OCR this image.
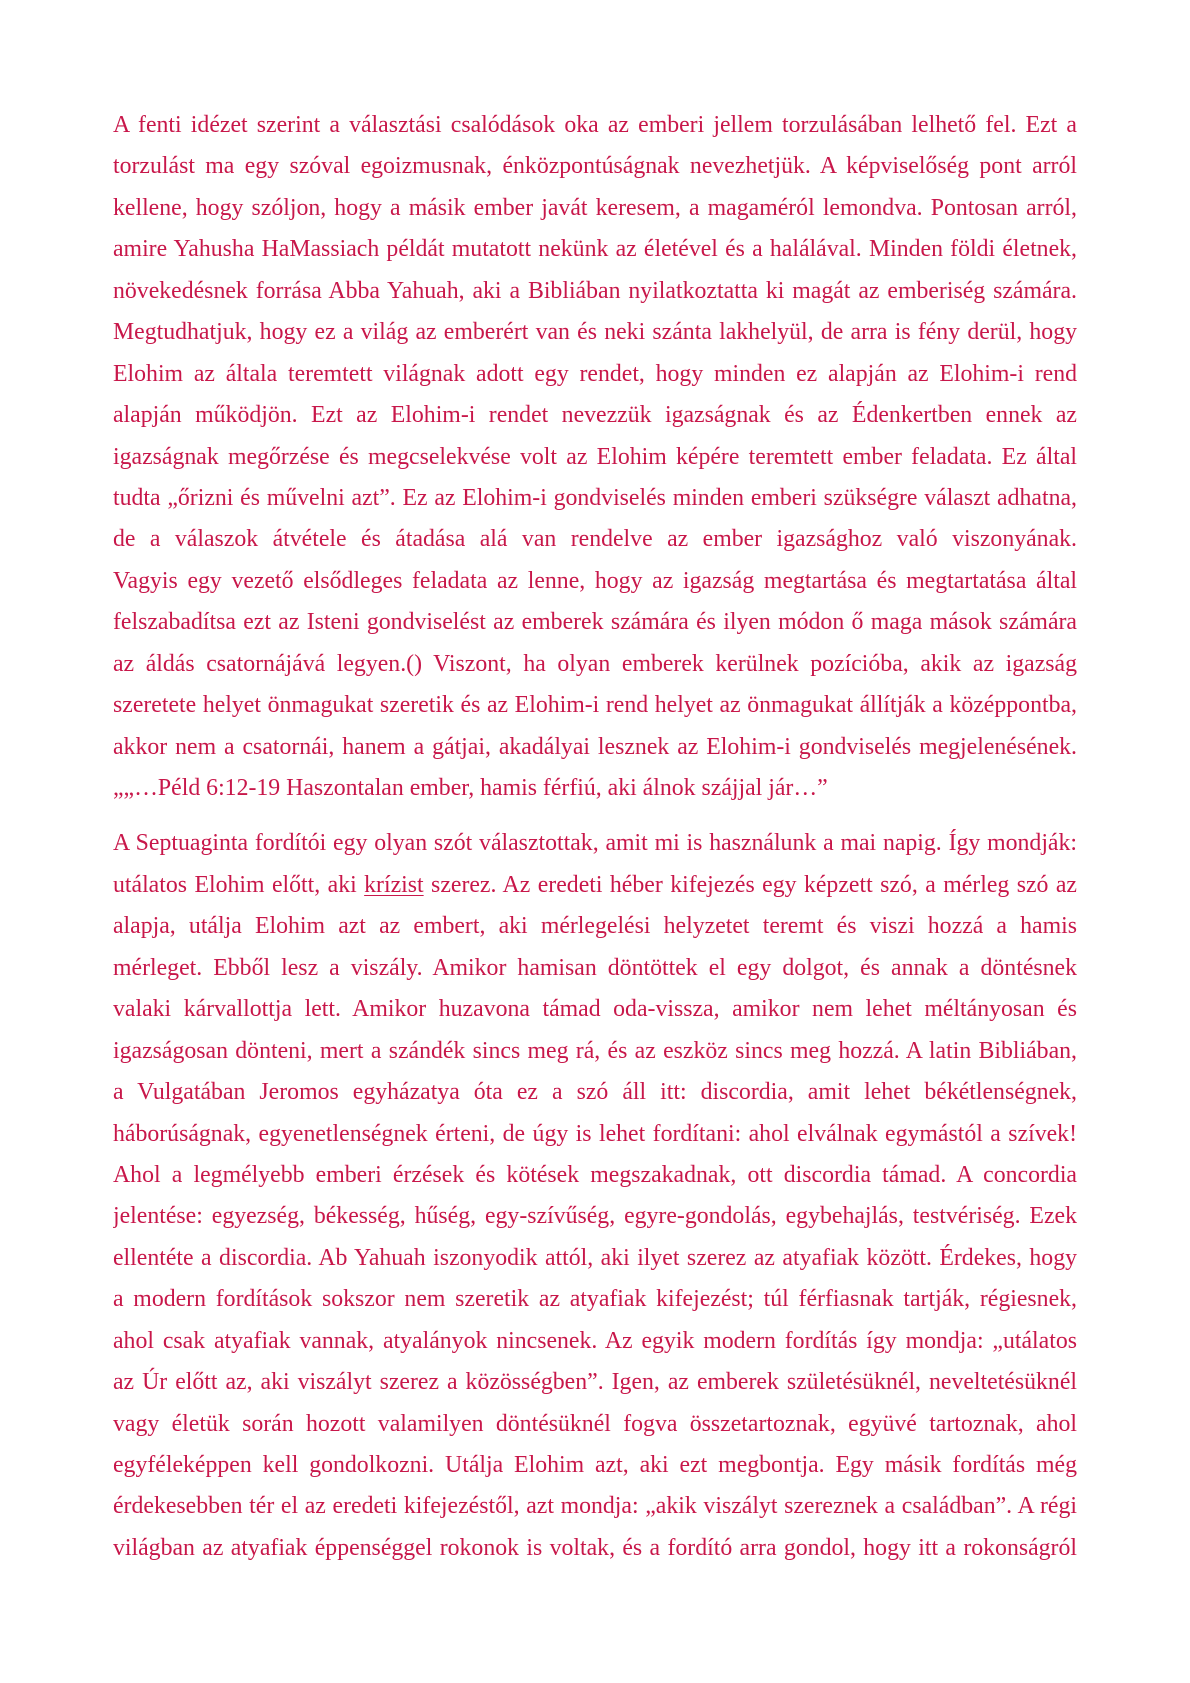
A fenti idézet szerint a választási csalódások oka az emberi jellem torzulásában lelhető fel. Ezt a
torzulást ma egy szóval egoizmusnak, énközpontúságnak nevezhetjük. A képviselőség pont arról
kellene, hogy szóljon, hogy a másik ember javát keresem, a magaméról lemondva. Pontosan arról,
amire Yahusha HaMassiach példát mutatott nekünk az életével és a halálával. Minden földi életnek,
növekedésnek forrása Abba Yahuah, aki a Bibliában nyilatkoztatta ki magát az emberiség számára.
Megtudhatjuk, hogy ez a világ az emberért van és neki szánta lakhelyül, de arra is fény derül, hogy
Elohim az általa teremtett világnak adott egy rendet, hogy minden ez alapján az Elohim-i rend
alapján működjön. Ezt az Elohim-i rendet nevezzük igazságnak és az Édenkertben ennek az
igazságnak megőrzése és megcselekvése volt az Elohim képére teremtett ember feladata. Ez által
tudta „őrizni és művelni azt”. Ez az Elohim-i gondviselés minden emberi szükségre választ adhatna,
de a válaszok átvétele és átadása alá van rendelve az ember igazsághoz való viszonyának.
Vagyis egy vezető elsődleges feladata az lenne, hogy az igazság megtartása és megtartatása által
felszabadítsa ezt az Isteni gondviselést az emberek számára és ilyen módon ő maga mások számára
az áldás csatornájává legyen.() Viszont, ha olyan emberek kerülnek pozícióba, akik az igazság
szeretete helyet önmagukat szeretik és az Elohim-i rend helyet az önmagukat állítják a középpontba,
akkor nem a csatornái, hanem a gátjai, akadályai lesznek az Elohim-i gondviselés megjelenésének.
„„…Péld 6:12-19 Haszontalan ember, hamis férfiú, aki álnok szájjal jár…”
A Septuaginta fordítói egy olyan szót választottak, amit mi is használunk a mai napig. Így mondják:
utálatos Elohim előtt, aki krízist szerez. Az eredeti héber kifejezés egy képzett szó, a mérleg szó az
alapja, utálja Elohim azt az embert, aki mérlegelési helyzetet teremt és viszi hozzá a hamis
mérleget. Ebből lesz a viszály. Amikor hamisan döntöttek el egy dolgot, és annak a döntésnek
valaki kárvallottja lett. Amikor huzavona támad oda-vissza, amikor nem lehet méltányosan és
igazságosan dönteni, mert a szándék sincs meg rá, és az eszköz sincs meg hozzá. A latin Bibliában,
a Vulgatában Jeromos egyházatya óta ez a szó áll itt: discordia, amit lehet békétlenségnek,
háborúságnak, egyenetlenségnek érteni, de úgy is lehet fordítani: ahol elválnak egymástól a szívek!
Ahol a legmélyebb emberi érzések és kötések megszakadnak, ott discordia támad. A concordia
jelentése: egyezség, békesség, hűség, egy-szívűség, egyre-gondolás, egybehajlás, testvériség. Ezek
ellentéte a discordia. Ab Yahuah iszonyodik attól, aki ilyet szerez az atyafiak között. Érdekes, hogy
a modern fordítások sokszor nem szeretik az atyafiak kifejezést; túl férfiasnak tartják, régiesnek,
ahol csak atyafiak vannak, atyalányok nincsenek. Az egyik modern fordítás így mondja: „utálatos
az Úr előtt az, aki viszályt szerez a közösségben”. Igen, az emberek születésüknél, neveltetésüknél
vagy életük során hozott valamilyen döntésüknél fogva összetartoznak, együvé tartoznak, ahol
egyféleképpen kell gondolkozni. Utálja Elohim azt, aki ezt megbontja. Egy másik fordítás még
érdekesebben tér el az eredeti kifejezéstől, azt mondja: „akik viszályt szereznek a családban”. A régi
világban az atyafiak éppenséggel rokonok is voltak, és a fordító arra gondol, hogy itt a rokonságról
